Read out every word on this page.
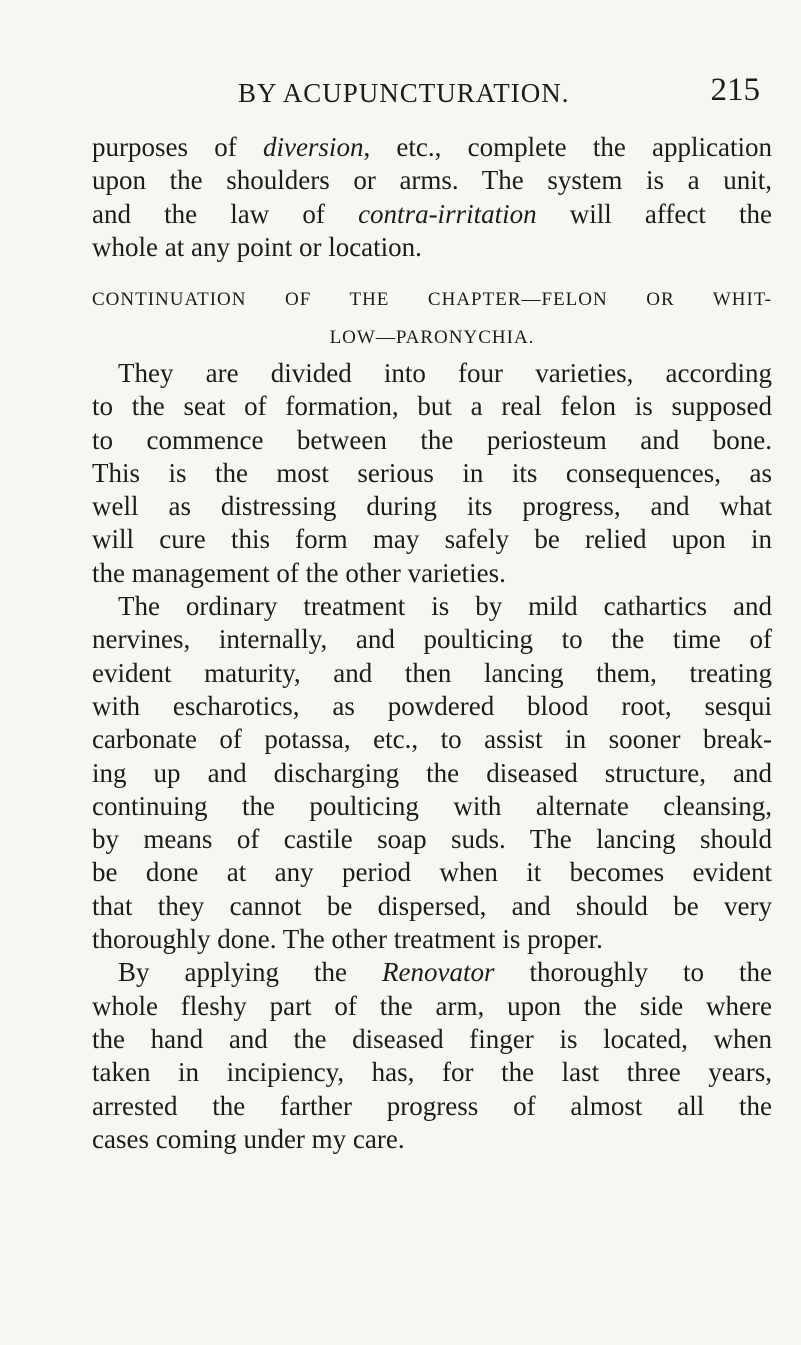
BY ACUPUNCTURATION.	215
purposes of diversion, etc., complete the application
upon the shoulders or arms. The system is a unit,
and the law of contra-irritation will affect the
whole at any point or location.
CONTINUATION OF THE CHAPTER—FELON OR WHIT-
LOW—PARONYCHIA.
They are divided into four varieties, according
to the seat of formation, but a real felon is supposed
to commence between the periosteum and bone.
This is the most serious in its consequences, as
well as distressing during its progress, and what
will cure this form may safely be relied upon in
the management of the other varieties.
The ordinary treatment is by mild cathartics and
nervines, internally, and poulticing to the time of
evident maturity, and then lancing them, treating
with escharotics, as powdered blood root, sesqui
carbonate of potassa, etc., to assist in sooner break-
ing up and discharging the diseased structure, and
continuing the poulticing with alternate cleansing,
by means of castile soap suds. The lancing should
be done at any period when it becomes evident
that they cannot be dispersed, and should be very
thoroughly done. The other treatment is proper.
By applying the Renovator thoroughly to the
whole fleshy part of the arm, upon the side where
the hand and the diseased finger is located, when
taken in incipiency, has, for the last three years,
arrested the farther progress of almost all the
cases coming under my care.
